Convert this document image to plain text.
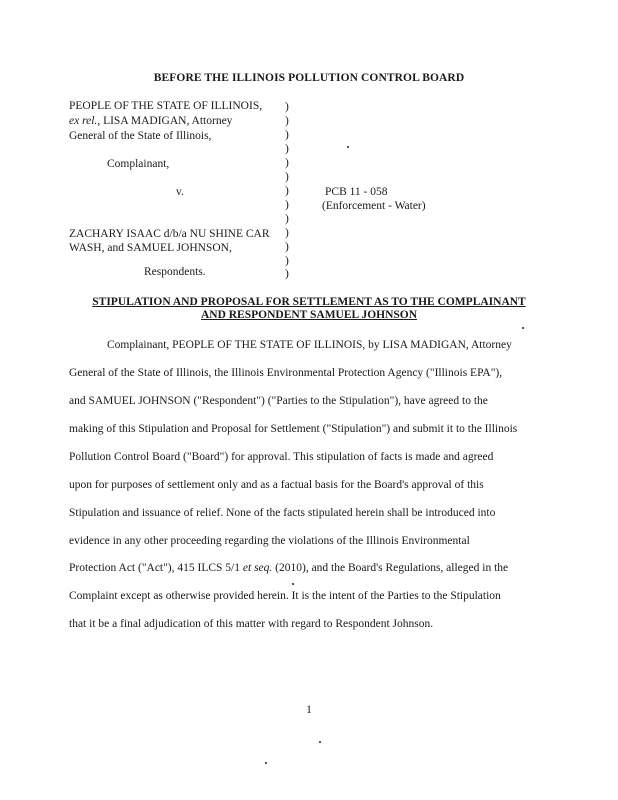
BEFORE THE ILLINOIS POLLUTION CONTROL BOARD
PEOPLE OF THE STATE OF ILLINOIS,
ex rel., LISA MADIGAN, Attorney
General of the State of Illinois,
Complainant,
v.
ZACHARY ISAAC d/b/a NU SHINE CAR
WASH, and SAMUEL JOHNSON,
Respondents.
)
)
)
)
)
)
)
)
)
)
)
)
)
PCB 11 - 058
(Enforcement - Water)
STIPULATION AND PROPOSAL FOR SETTLEMENT AS TO THE COMPLAINANT
AND RESPONDENT SAMUEL JOHNSON
Complainant, PEOPLE OF THE STATE OF ILLINOIS, by LISA MADIGAN, Attorney
General of the State of Illinois, the Illinois Environmental Protection Agency ("Illinois EPA"),
and SAMUEL JOHNSON ("Respondent") ("Parties to the Stipulation"), have agreed to the
making of this Stipulation and Proposal for Settlement ("Stipulation") and submit it to the Illinois
Pollution Control Board ("Board") for approval. This stipulation of facts is made and agreed
upon for purposes of settlement only and as a factual basis for the Board's approval of this
Stipulation and issuance of relief. None of the facts stipulated herein shall be introduced into
evidence in any other proceeding regarding the violations of the Illinois Environmental
Protection Act ("Act"), 415 ILCS 5/1 et seq. (2010), and the Board's Regulations, alleged in the
Complaint except as otherwise provided herein. It is the intent of the Parties to the Stipulation
that it be a final adjudication of this matter with regard to Respondent Johnson.
1
